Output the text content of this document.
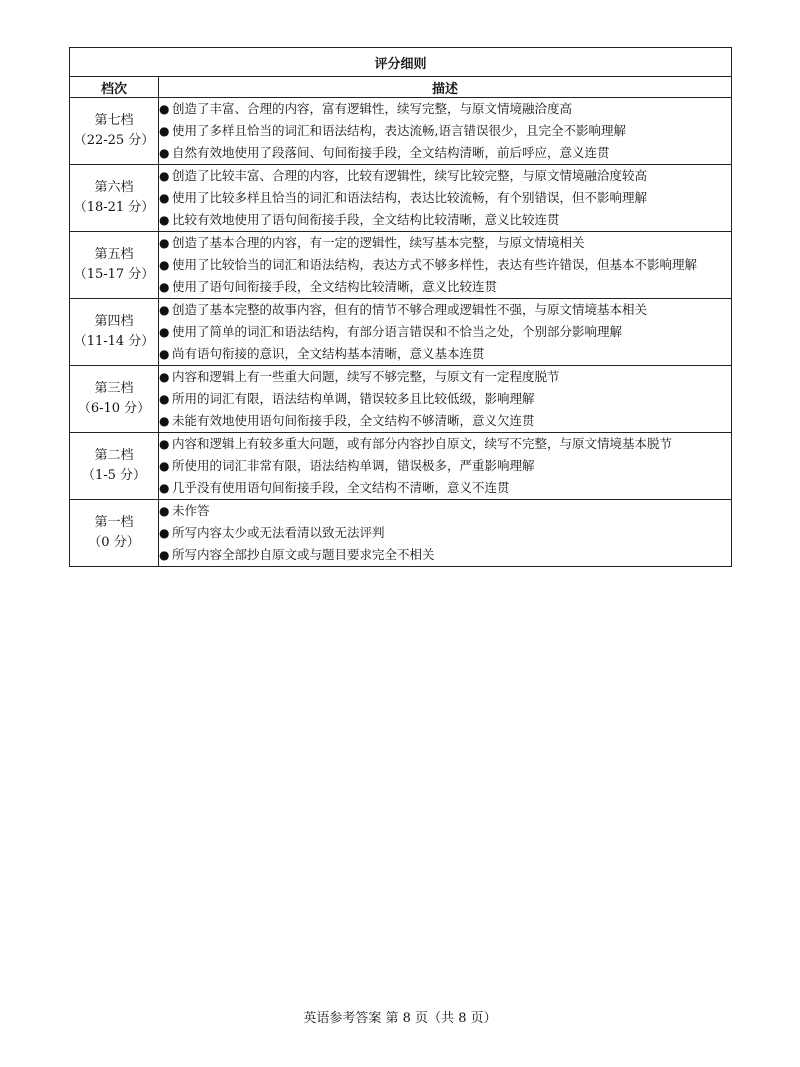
评分细则	
档次	描述

第七档
（22-25 分）	● 创造了丰富、合理的内容，富有逻辑性，续写完整，与原文情境融洽度高
● 使用了多样且恰当的词汇和语法结构，表达流畅,语言错误很少，且完全不影响理解
● 自然有效地使用了段落间、句间衔接手段，全文结构清晰，前后呼应，意义连贯

第六档
（18-21 分）	● 创造了比较丰富、合理的内容，比较有逻辑性，续写比较完整，与原文情境融洽度较高
● 使用了比较多样且恰当的词汇和语法结构，表达比较流畅，有个别错误，但不影响理解
● 比较有效地使用了语句间衔接手段，全文结构比较清晰，意义比较连贯

第五档
（15-17 分）	● 创造了基本合理的内容，有一定的逻辑性，续写基本完整，与原文情境相关
● 使用了比较恰当的词汇和语法结构，表达方式不够多样性，表达有些许错误，但基本不影响理解
● 使用了语句间衔接手段，全文结构比较清晰，意义比较连贯

第四档
（11-14 分）	● 创造了基本完整的故事内容，但有的情节不够合理或逻辑性不强，与原文情境基本相关
● 使用了简单的词汇和语法结构，有部分语言错误和不恰当之处，个别部分影响理解
● 尚有语句衔接的意识，全文结构基本清晰，意义基本连贯

第三档
（6-10 分）	● 内容和逻辑上有一些重大问题，续写不够完整，与原文有一定程度脱节
● 所用的词汇有限，语法结构单调，错误较多且比较低级，影响理解
● 未能有效地使用语句间衔接手段，全文结构不够清晰，意义欠连贯

第二档
（1-5 分）	● 内容和逻辑上有较多重大问题，或有部分内容抄自原文，续写不完整，与原文情境基本脱节
● 所使用的词汇非常有限，语法结构单调，错误极多，严重影响理解
● 几乎没有使用语句间衔接手段，全文结构不清晰，意义不连贯

第一档
（0 分）	● 未作答
● 所写内容太少或无法看清以致无法评判
● 所写内容全部抄自原文或与题目要求完全不相关
英语参考答案 第 8 页（共 8 页）
